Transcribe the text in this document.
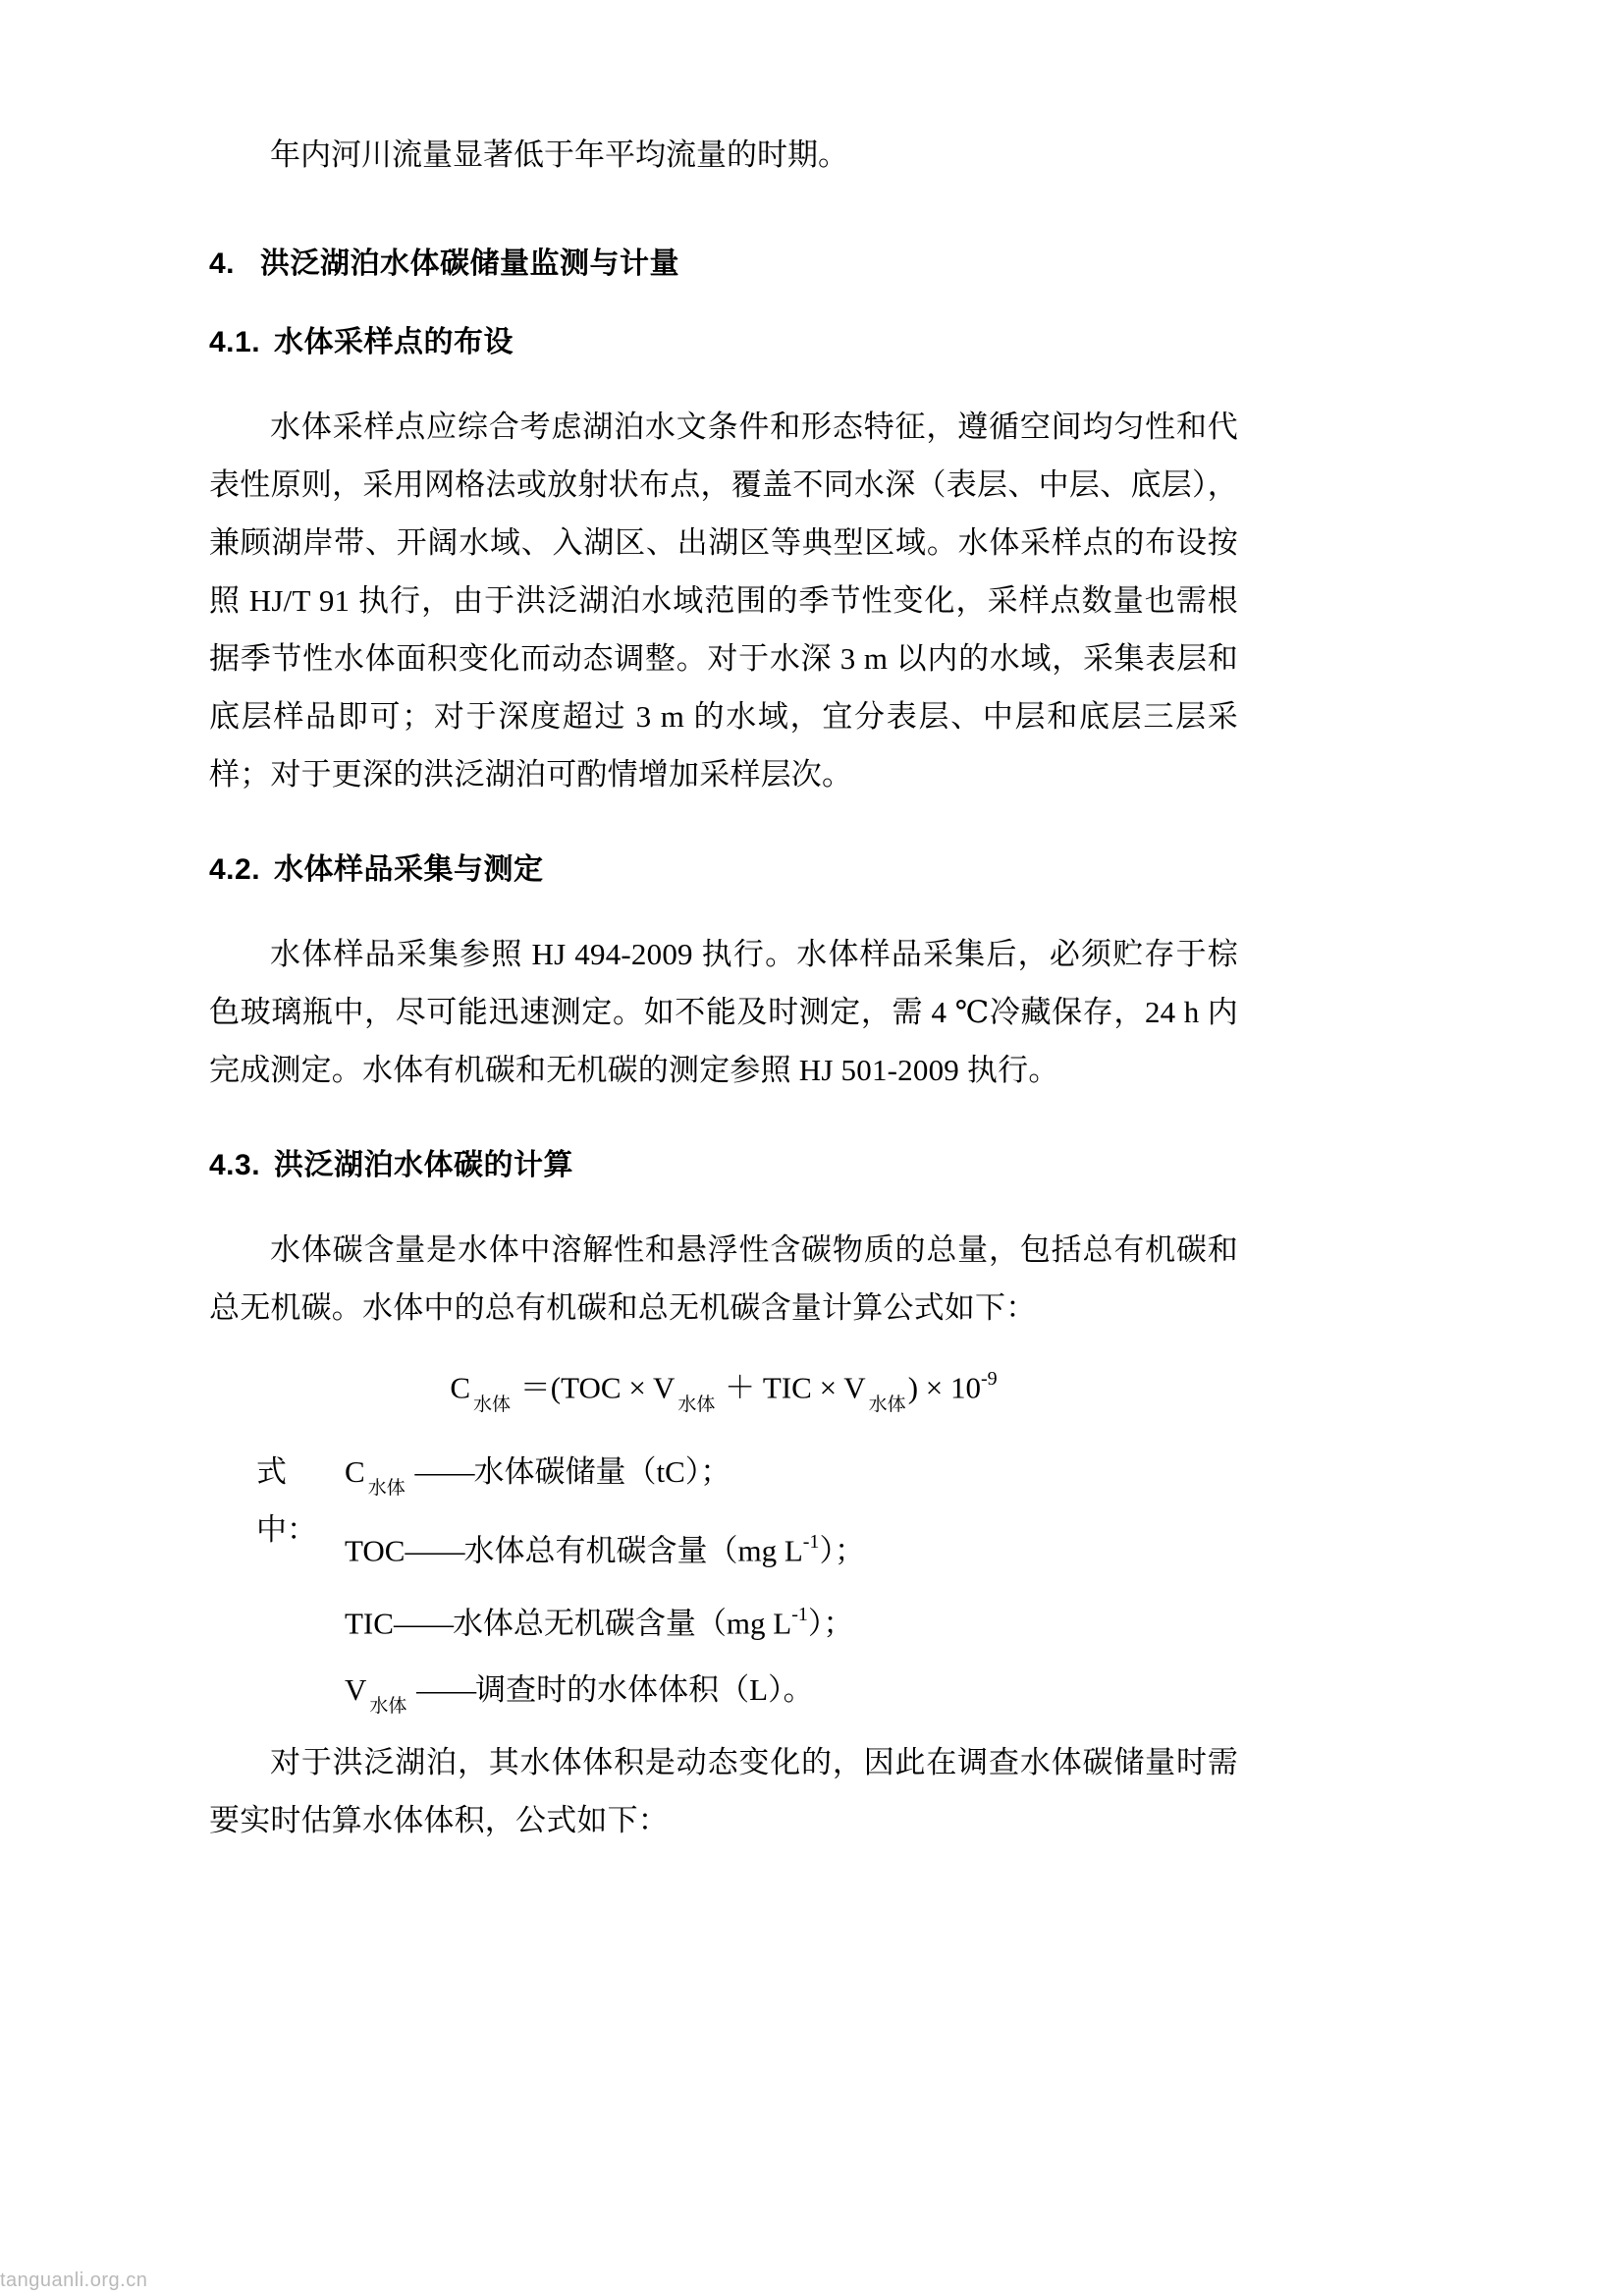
年内河川流量显著低于年平均流量的时期。

4. 洪泛湖泊水体碳储量监测与计量
4.1. 水体采样点的布设

水体采样点应综合考虑湖泊水文条件和形态特征，遵循空间均匀性和代表性原则，采用网格法或放射状布点，覆盖不同水深（表层、中层、底层），兼顾湖岸带、开阔水域、入湖区、出湖区等典型区域。水体采样点的布设按照 HJ/T 91 执行，由于洪泛湖泊水域范围的季节性变化，采样点数量也需根据季节性水体面积变化而动态调整。对于水深 3 m 以内的水域，采集表层和底层样品即可；对于深度超过 3 m 的水域，宜分表层、中层和底层三层采样；对于更深的洪泛湖泊可酌情增加采样层次。

4.2. 水体样品采集与测定

水体样品采集参照 HJ 494-2009 执行。水体样品采集后，必须贮存于棕色玻璃瓶中，尽可能迅速测定。如不能及时测定，需 4 ℃冷藏保存，24 h 内完成测定。水体有机碳和无机碳的测定参照 HJ 501-2009 执行。

4.3. 洪泛湖泊水体碳的计算

水体碳含量是水体中溶解性和悬浮性含碳物质的总量，包括总有机碳和总无机碳。水体中的总有机碳和总无机碳含量计算公式如下：

C $_{水体}$ ＝(TOC × V $_{水体}$ ＋ TIC × V $_{水体}) \times 10^{-9}$
式中：
C $_{水体}$ ——水体碳储量（tC）；
TOC——水体总有机碳含量（mg $L^{-1}$）；
TIC——水体总无机碳含量（mg $L^{-1}$）；
V $_{水体}$ ——调查时的水体体积（L）。

对于洪泛湖泊，其水体体积是动态变化的，因此在调查水体碳储量时需要实时估算水体体积，公式如下：

tanguanli.org.cn
